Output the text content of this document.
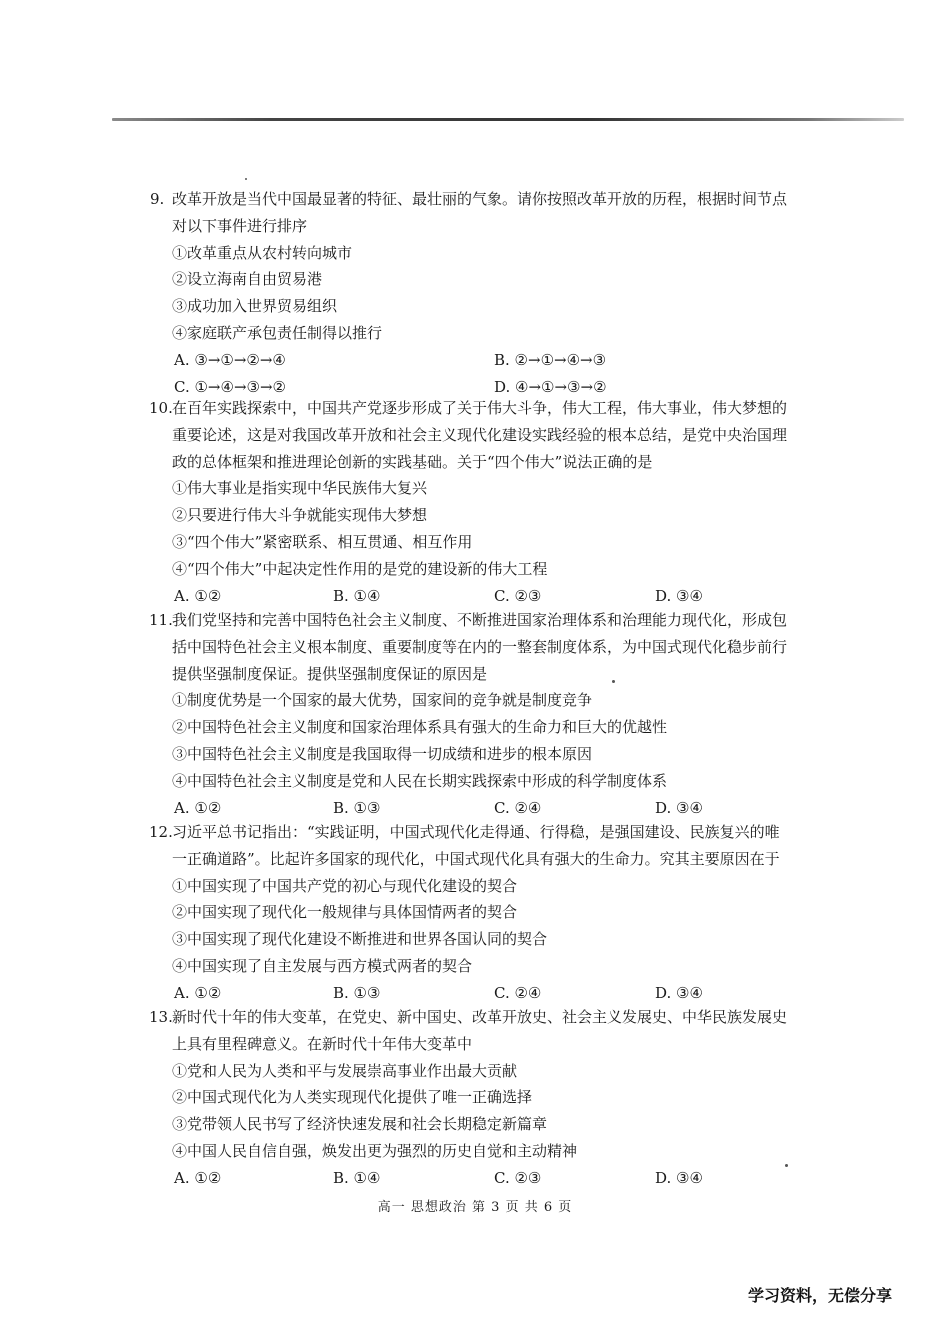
9. 改革开放是当代中国最显著的特征、最壮丽的气象。请你按照改革开放的历程，根据时间节点
对以下事件进行排序
①改革重点从农村转向城市
②设立海南自由贸易港
③成功加入世界贸易组织
④家庭联产承包责任制得以推行
A. ③→①→②→④	B. ②→①→④→③
C. ①→④→③→②	D. ④→①→③→②
10. 在百年实践探索中，中国共产党逐步形成了关于伟大斗争，伟大工程，伟大事业，伟大梦想的
重要论述，这是对我国改革开放和社会主义现代化建设实践经验的根本总结，是党中央治国理
政的总体框架和推进理论创新的实践基础。关于“四个伟大”说法正确的是
①伟大事业是指实现中华民族伟大复兴
②只要进行伟大斗争就能实现伟大梦想
③“四个伟大”紧密联系、相互贯通、相互作用
④“四个伟大”中起决定性作用的是党的建设新的伟大工程
A. ①②	B. ①④	C. ②③	D. ③④
11. 我们党坚持和完善中国特色社会主义制度、不断推进国家治理体系和治理能力现代化，形成包
括中国特色社会主义根本制度、重要制度等在内的一整套制度体系，为中国式现代化稳步前行
提供坚强制度保证。提供坚强制度保证的原因是
①制度优势是一个国家的最大优势，国家间的竞争就是制度竞争
②中国特色社会主义制度和国家治理体系具有强大的生命力和巨大的优越性
③中国特色社会主义制度是我国取得一切成绩和进步的根本原因
④中国特色社会主义制度是党和人民在长期实践探索中形成的科学制度体系
A. ①②	B. ①③	C. ②④	D. ③④
12. 习近平总书记指出：“实践证明，中国式现代化走得通、行得稳，是强国建设、民族复兴的唯
一正确道路”。比起许多国家的现代化，中国式现代化具有强大的生命力。究其主要原因在于
①中国实现了中国共产党的初心与现代化建设的契合
②中国实现了现代化一般规律与具体国情两者的契合
③中国实现了现代化建设不断推进和世界各国认同的契合
④中国实现了自主发展与西方模式两者的契合
A. ①②	B. ①③	C. ②④	D. ③④
13. 新时代十年的伟大变革，在党史、新中国史、改革开放史、社会主义发展史、中华民族发展史
上具有里程碑意义。在新时代十年伟大变革中
①党和人民为人类和平与发展崇高事业作出最大贡献
②中国式现代化为人类实现现代化提供了唯一正确选择
③党带领人民书写了经济快速发展和社会长期稳定新篇章
④中国人民自信自强，焕发出更为强烈的历史自觉和主动精神
A. ①②	B. ①④	C. ②③	D. ③④
高一 思想政治 第 3 页 共 6 页
学习资料，无偿分享
